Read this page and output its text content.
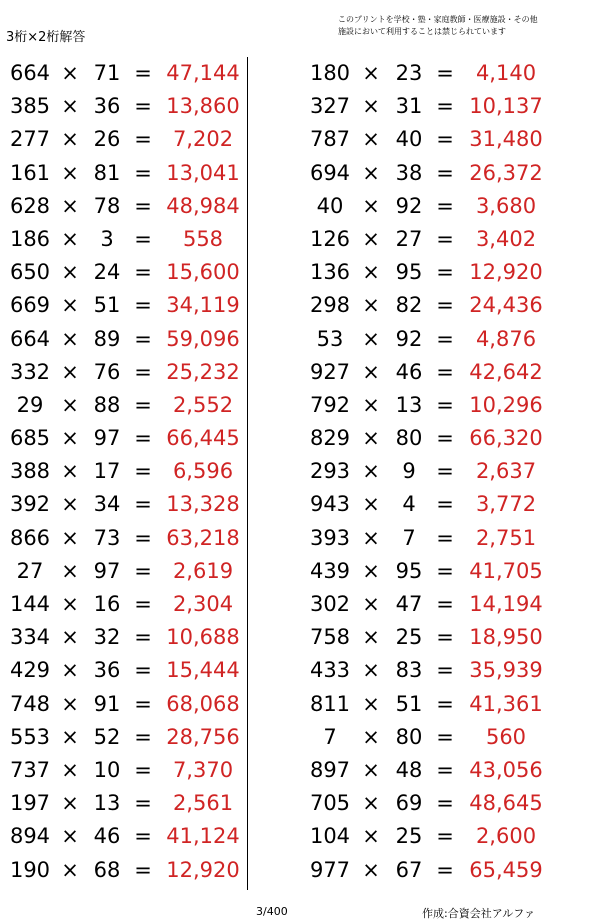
3桁×2桁解答
このプリントを学校・塾・家庭教師・医療施設・その他
施設において利用することは禁じられています
664 × 71 = 47,144
385 × 36 = 13,860
277 × 26 =	7,202
161 × 81 = 13,041
628 × 78 = 48,984
186 ×	3 =	558
650 × 24 = 15,600
669 × 51 = 34,119
664 × 89 = 59,096
332 × 76 = 25,232
29 × 88 =	2,552
685 × 97 = 66,445
388 × 17 =	6,596
392 × 34 = 13,328
866 × 73 = 63,218
27 × 97 =	2,619
144 × 16 =	2,304
334 × 32 = 10,688
429 × 36 = 15,444
748 × 91 = 68,068
553 × 52 = 28,756
737 × 10 =	7,370
197 × 13 =	2,561
894 × 46 = 41,124
190 × 68 = 12,920
180 × 23 =	4,140
327 × 31 = 10,137
787 × 40 = 31,480
694 × 38 = 26,372
40 × 92 =	3,680
126 × 27 =	3,402
136 × 95 = 12,920
298 × 82 = 24,436
53 × 92 =	4,876
927 × 46 = 42,642
792 × 13 = 10,296
829 × 80 = 66,320
293 ×	9 =	2,637
943 ×	4 =	3,772
393 ×	7 =	2,751
439 × 95 = 41,705
302 × 47 = 14,194
758 × 25 = 18,950
433 × 83 = 35,939
811 × 51 = 41,361
7	× 80 =	560
897 × 48 = 43,056
705 × 69 = 48,645
104 × 25 =	2,600
977 × 67 = 65,459
3/400	作成:合資会社アルファ
